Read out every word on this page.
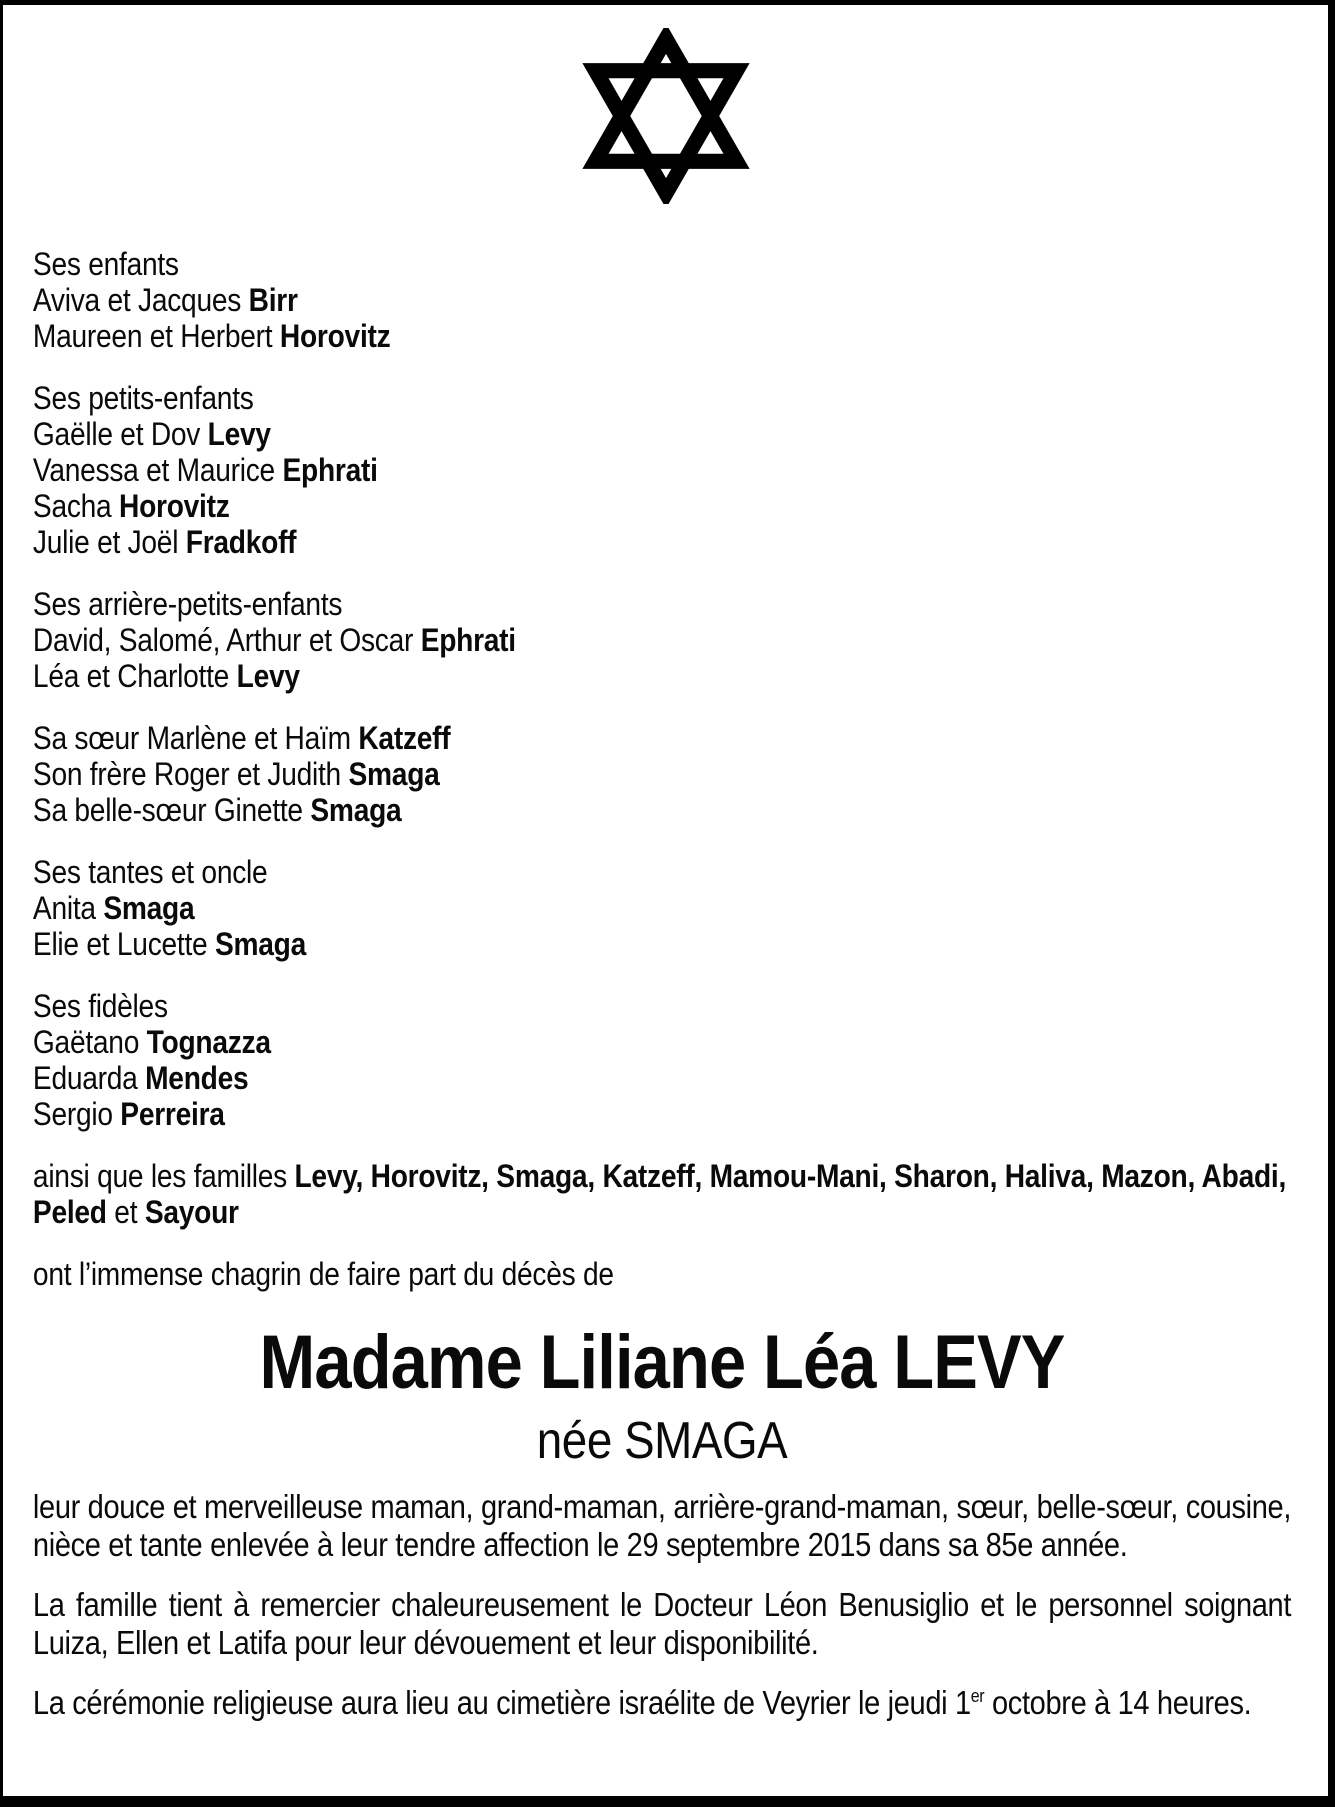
Ses enfants
Aviva et Jacques Birr
Maureen et Herbert Horovitz
Ses petits-enfants
Gaëlle et Dov Levy
Vanessa et Maurice Ephrati
Sacha Horovitz
Julie et Joël Fradkoff
Ses arrière-petits-enfants
David, Salomé, Arthur et Oscar Ephrati
Léa et Charlotte Levy
Sa sœur Marlène et Haïm Katzeff
Son frère Roger et Judith Smaga
Sa belle-sœur Ginette Smaga
Ses tantes et oncle
Anita Smaga
Elie et Lucette Smaga
Ses fidèles
Gaëtano Tognazza
Eduarda Mendes
Sergio Perreira
ainsi que les familles Levy, Horovitz, Smaga, Katzeff, Mamou-Mani, Sharon, Haliva, Mazon, Abadi, Peled et Sayour
ont l’immense chagrin de faire part du décès de
Madame Liliane Léa LEVY
née SMAGA

leur douce et merveilleuse maman, grand-maman, arrière-grand-maman, sœur, belle-sœur, cousine, nièce et tante enlevée à leur tendre affection le 29 septembre 2015 dans sa 85e année.

La famille tient à remercier chaleureusement le Docteur Léon Benusiglio et le personnel soignant Luiza, Ellen et Latifa pour leur dévouement et leur disponibilité.

La cérémonie religieuse aura lieu au cimetière israélite de Veyrier le jeudi 1er octobre à 14 heures.
